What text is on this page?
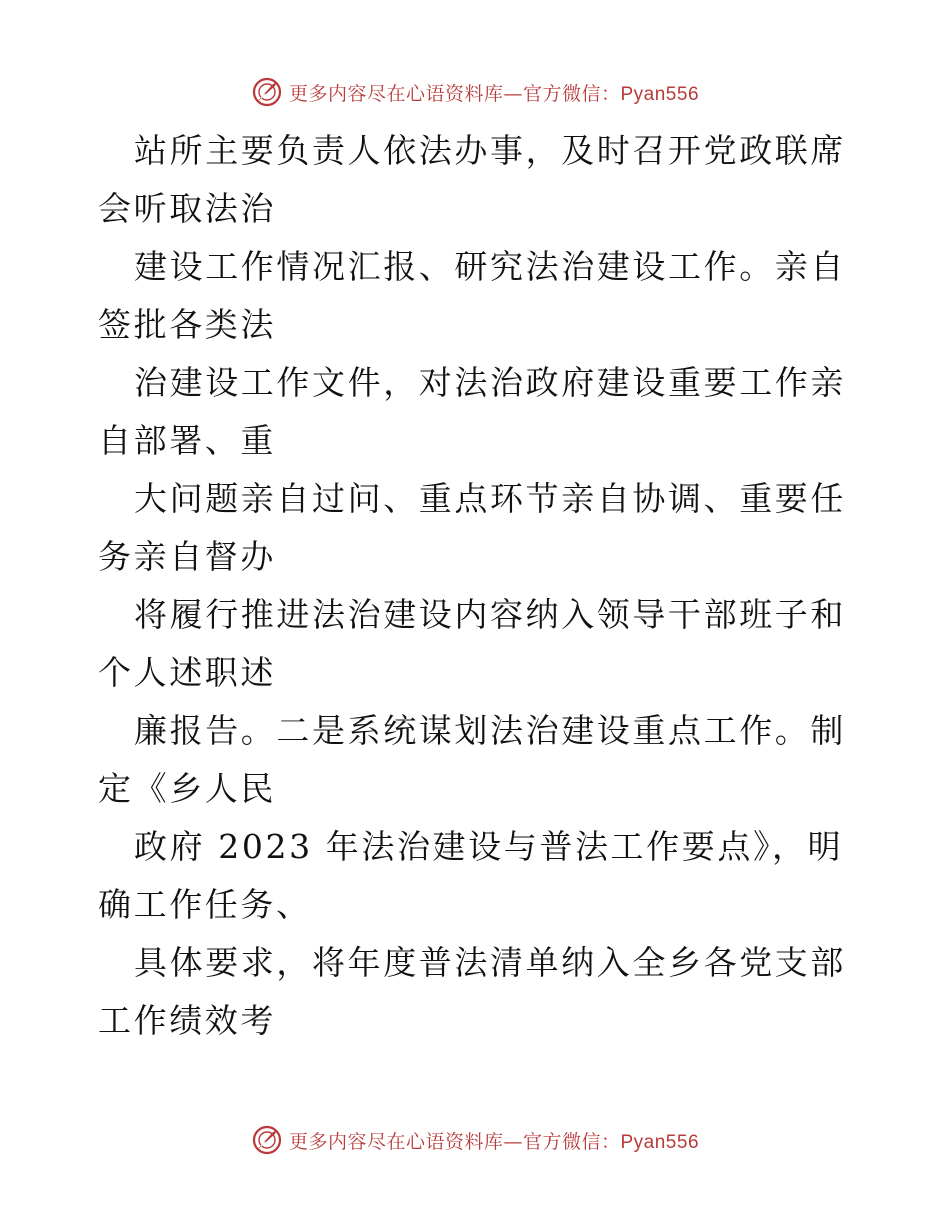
更多内容尽在心语资料库—官方微信：Pyan556

站所主要负责人依法办事，及时召开党政联席会听取法治

建设工作情况汇报、研究法治建设工作。亲自签批各类法

治建设工作文件，对法治政府建设重要工作亲自部署、重

大问题亲自过问、重点环节亲自协调、重要任务亲自督办

将履行推进法治建设内容纳入领导干部班子和个人述职述

廉报告。二是系统谋划法治建设重点工作。制定《乡人民

政府 2023 年法治建设与普法工作要点》，明确工作任务、

具体要求，将年度普法清单纳入全乡各党支部工作绩效考

更多内容尽在心语资料库—官方微信：Pyan556
